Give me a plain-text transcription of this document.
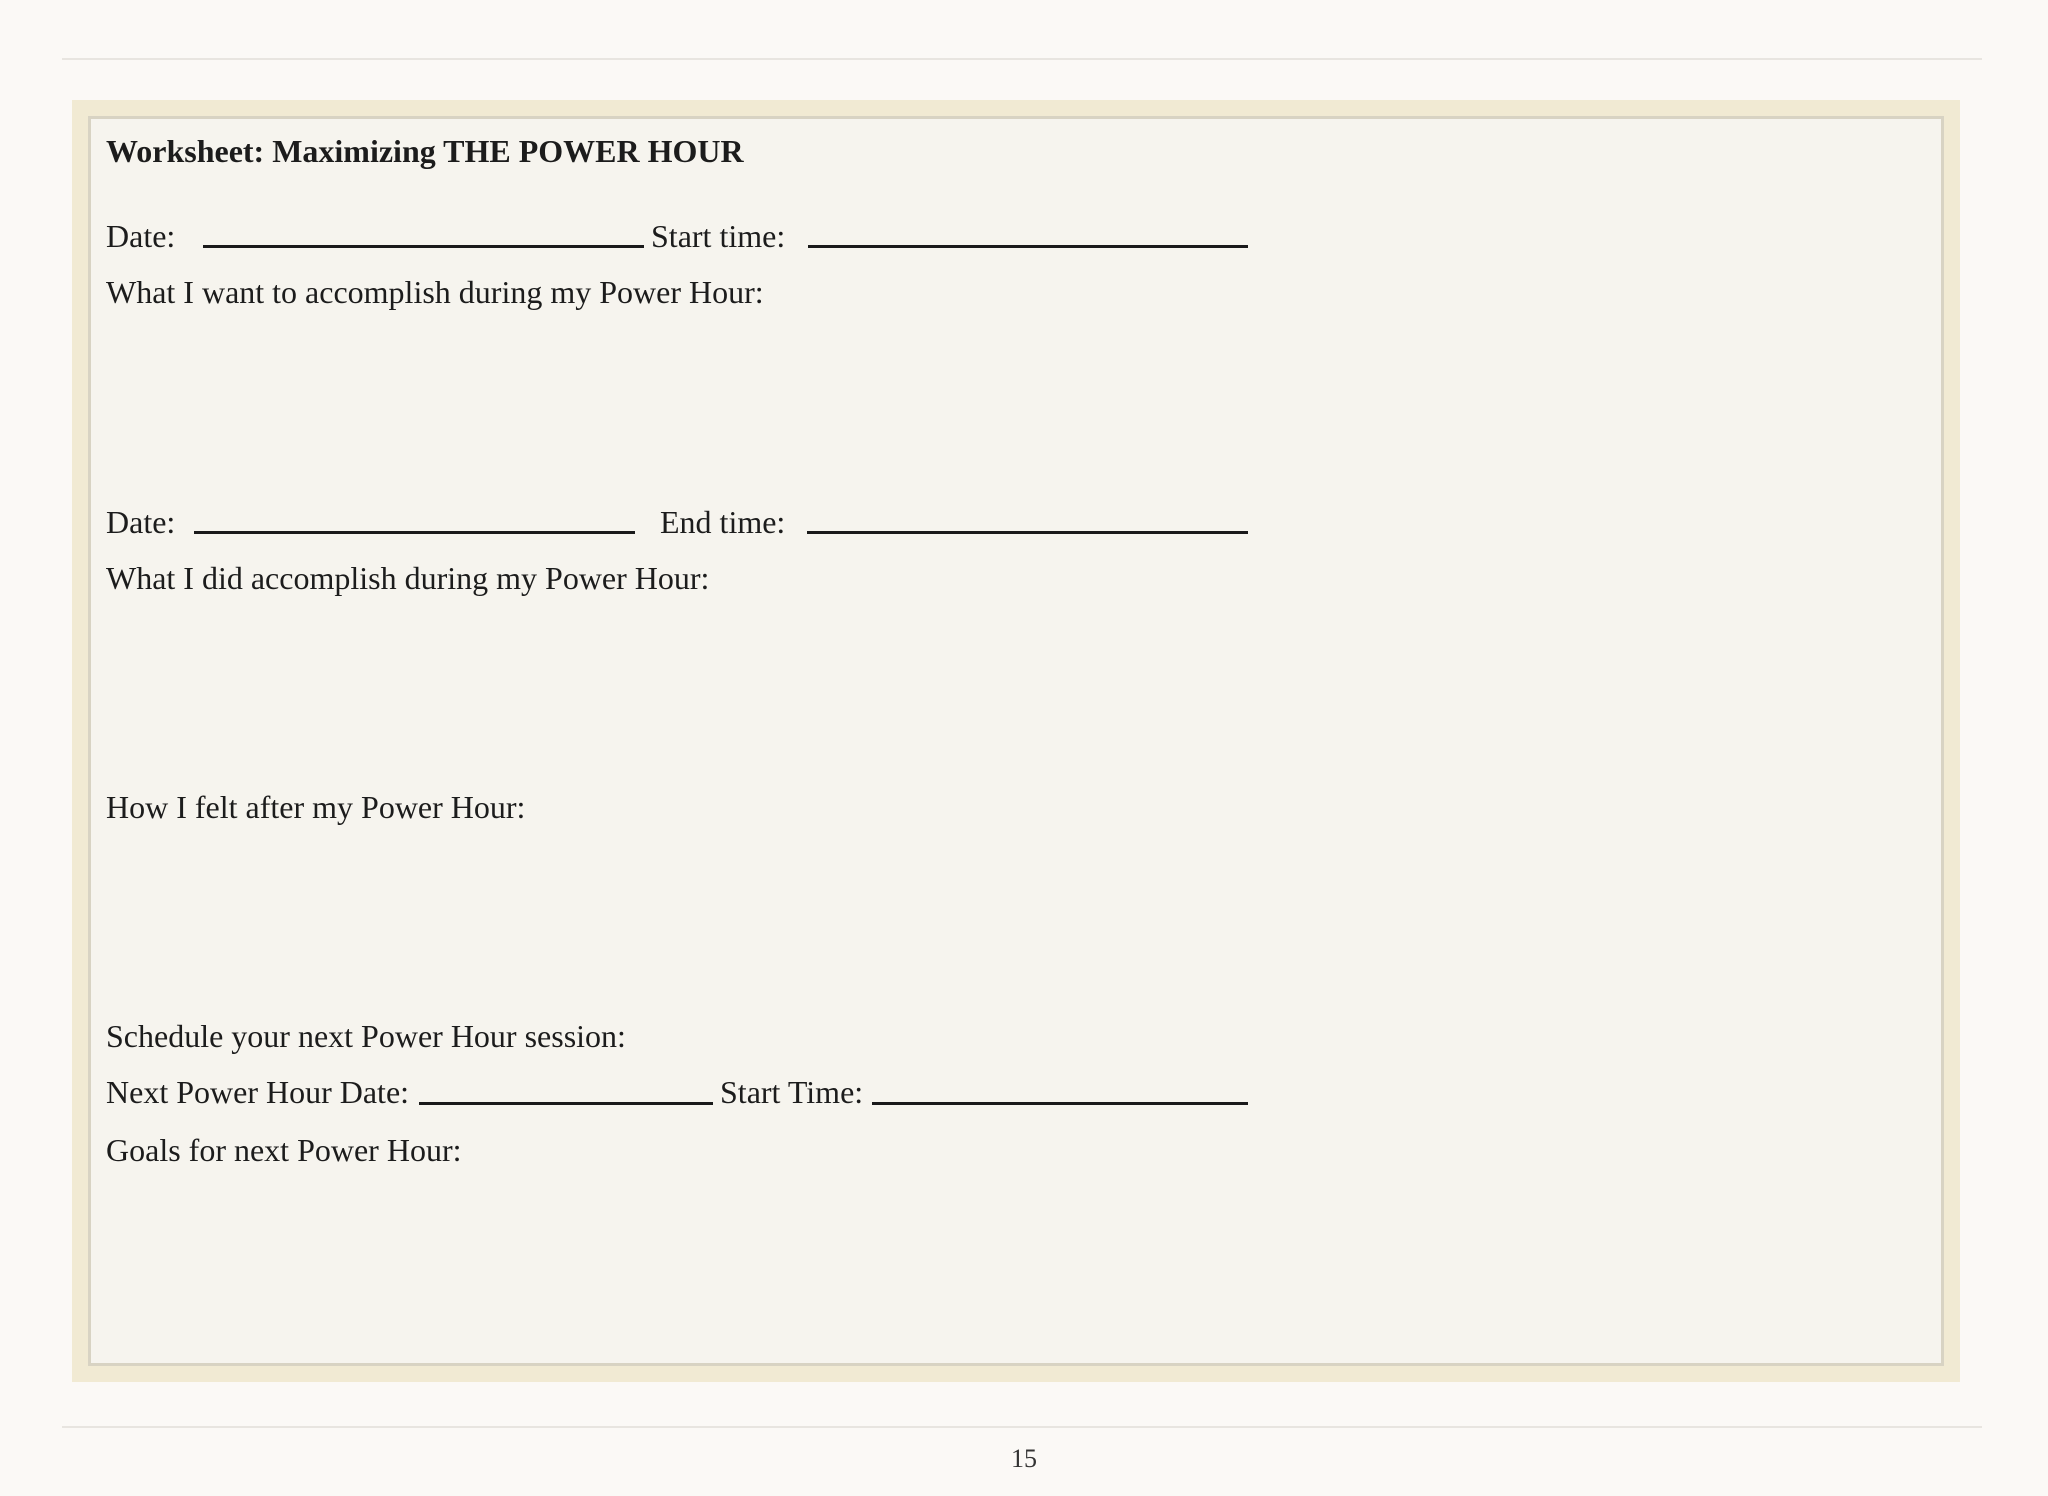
Worksheet: Maximizing THE POWER HOUR
Date:	Start time:
What I want to accomplish during my Power Hour:
Date:	End time:
What I did accomplish during my Power Hour:
How I felt after my Power Hour:
Schedule your next Power Hour session:
Next Power Hour Date:	Start Time:
Goals for next Power Hour:
15
